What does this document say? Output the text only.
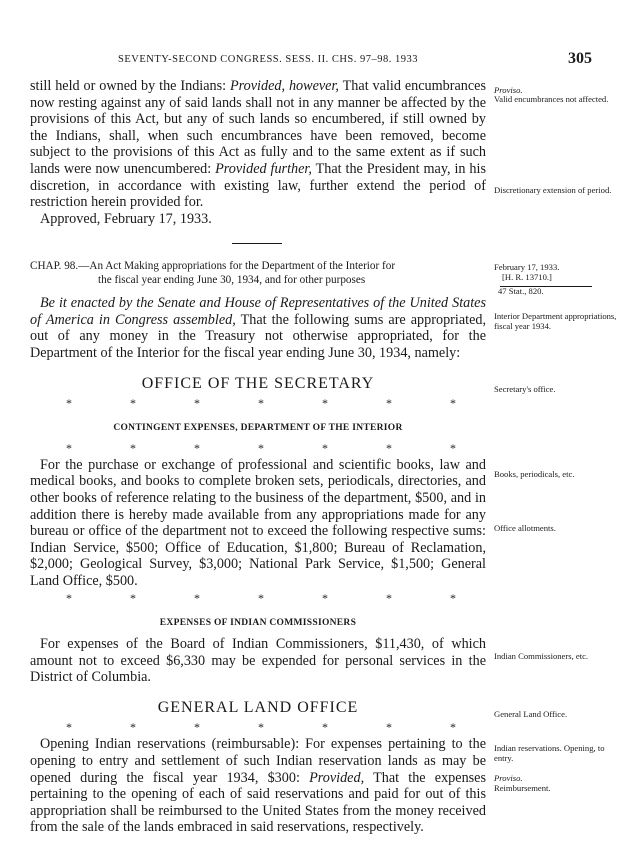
SEVENTY-SECOND CONGRESS. SESS. II. CHS. 97–98. 1933	305

still held or owned by the Indians: Provided, however, That valid encumbrances now resting against any of said lands shall not in any manner be affected by the provisions of this Act, but any of such lands so encumbered, if still owned by the Indians, shall, when such encumbrances have been removed, become subject to the provisions of this Act as fully and to the same extent as if such lands were now unencumbered: Provided further, That the President may, in his discretion, in accordance with existing law, further extend the period of restriction herein provided for.

Approved, February 17, 1933.

CHAP. 98.—An Act Making appropriations for the Department of the Interior for
the fiscal year ending June 30, 1934, and for other purposes

Be it enacted by the Senate and House of Representatives of the United States of America in Congress assembled, That the following sums are appropriated, out of any money in the Treasury not otherwise appropriated, for the Department of the Interior for the fiscal year ending June 30, 1934, namely:

OFFICE OF THE SECRETARY
*	*	*	*	*	*	*
CONTINGENT EXPENSES, DEPARTMENT OF THE INTERIOR
*	*	*	*	*	*	*

For the purchase or exchange of professional and scientific books, law and medical books, and books to complete broken sets, periodicals, directories, and other books of reference relating to the business of the department, $500, and in addition there is hereby made available from any appropriations made for any bureau or office of the department not to exceed the following respective sums: Indian Service, $500; Office of Education, $1,800; Bureau of Reclamation, $2,000; Geological Survey, $3,000; National Park Service, $1,500; General Land Office, $500.

*	*	*	*	*	*	*
EXPENSES OF INDIAN COMMISSIONERS

For expenses of the Board of Indian Commissioners, $11,430, of which amount not to exceed $6,330 may be expended for personal services in the District of Columbia.

GENERAL LAND OFFICE
*	*	*	*	*	*	*

Opening Indian reservations (reimbursable): For expenses pertaining to the opening to entry and settlement of such Indian reservation lands as may be opened during the fiscal year 1934, $300: Provided, That the expenses pertaining to the opening of each of said reservations and paid for out of this appropriation shall be reimbursed to the United States from the money received from the sale of the lands embraced in said reservations, respectively.

Proviso.
Valid encumbrances not affected.
Discretionary extension of period.
February 17, 1933.
[H. R. 13710.]
47 Stat., 820.
Interior Department appropriations, fiscal year 1934.
Secretary's office.
Books, periodicals, etc.
Office allotments.
Indian Commissioners, etc.
General Land Office.
Indian reservations. Opening, to entry.
Proviso.
Reimbursement.
